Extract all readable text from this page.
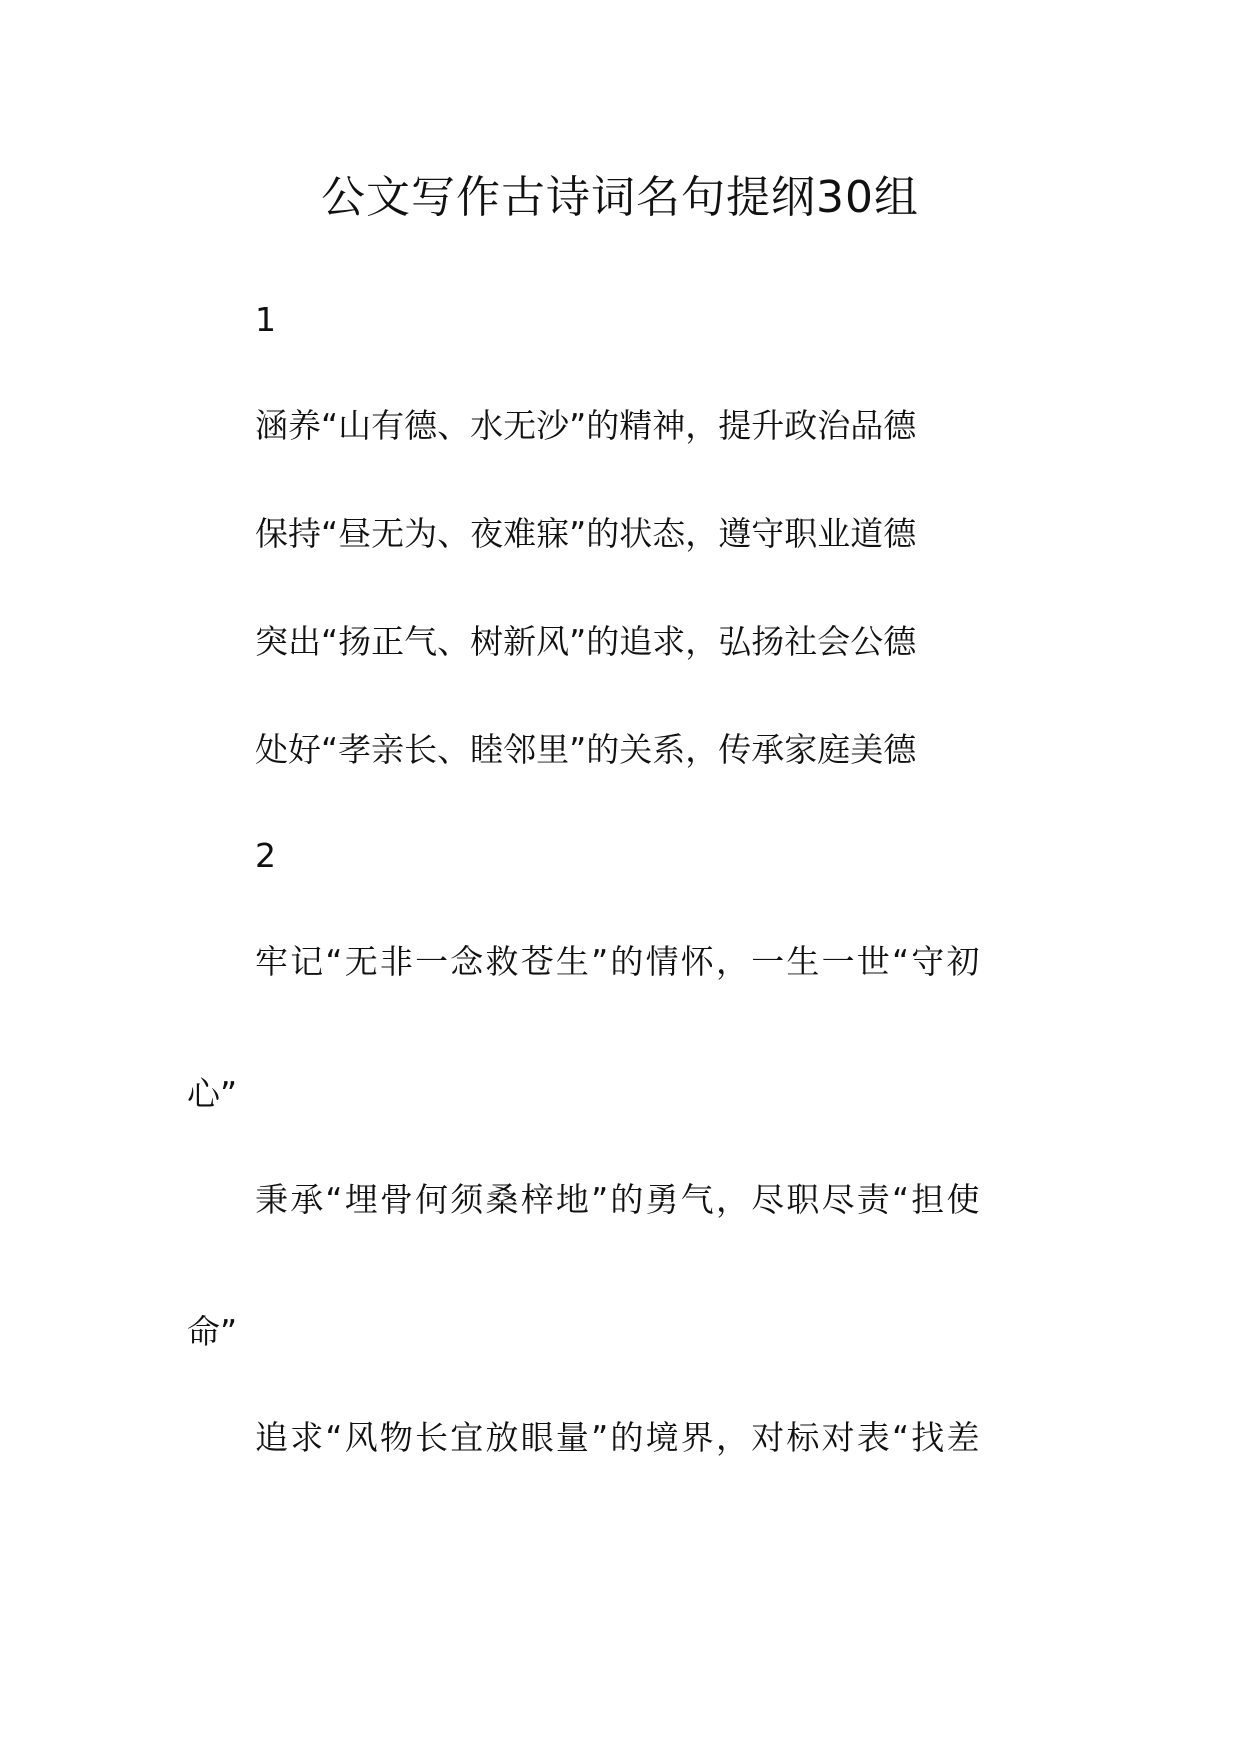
公文写作古诗词名句提纲30组
1
涵养“山有德、水无沙”的精神，提升政治品德
保持“昼无为、夜难寐”的状态，遵守职业道德
突出“扬正气、树新风”的追求，弘扬社会公德
处好“孝亲长、睦邻里”的关系，传承家庭美德
2
牢记“无非一念救苍生”的情怀，一生一世“守初
心”
秉承“埋骨何须桑梓地”的勇气，尽职尽责“担使
命”
追求“风物长宜放眼量”的境界，对标对表“找差
